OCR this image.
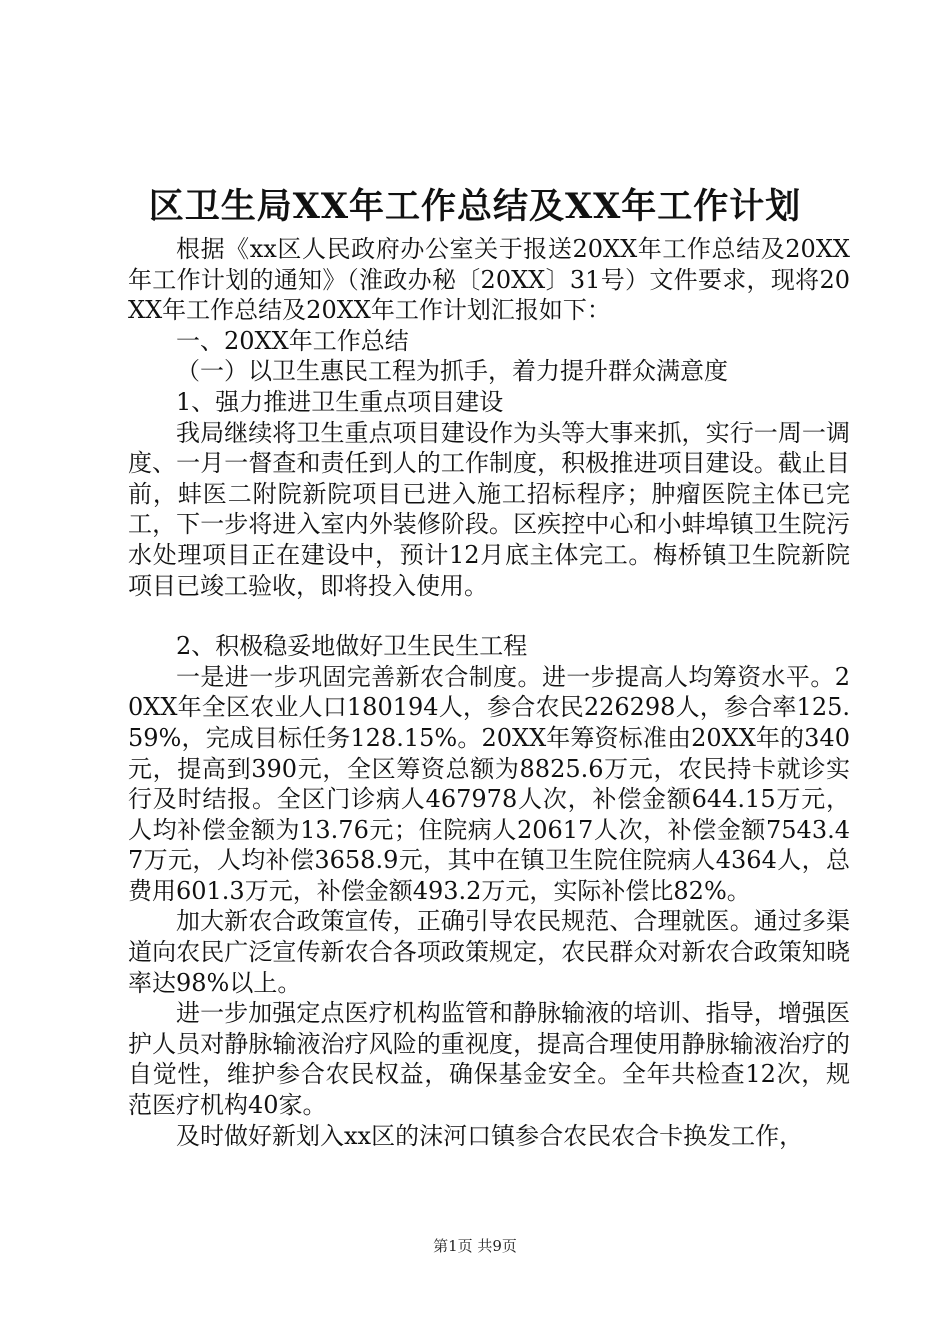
区卫生局XX年工作总结及XX年工作计划

根据《xx区人民政府办公室关于报送20XX年工作总结及20XX年工作计划的通知》（淮政办秘〔20XX〕31号）文件要求，现将20XX年工作总结及20XX年工作计划汇报如下：

一、20XX年工作总结

（一）以卫生惠民工程为抓手，着力提升群众满意度

1、强力推进卫生重点项目建设

我局继续将卫生重点项目建设作为头等大事来抓，实行一周一调度、一月一督查和责任到人的工作制度，积极推进项目建设。截止目前，蚌医二附院新院项目已进入施工招标程序；肿瘤医院主体已完工，下一步将进入室内外装修阶段。区疾控中心和小蚌埠镇卫生院污水处理项目正在建设中，预计12月底主体完工。梅桥镇卫生院新院项目已竣工验收，即将投入使用。

2、积极稳妥地做好卫生民生工程

一是进一步巩固完善新农合制度。进一步提高人均筹资水平。20XX年全区农业人口180194人，参合农民226298人，参合率125.59%，完成目标任务128.15%。20XX年筹资标准由20XX年的340元，提高到390元，全区筹资总额为8825.6万元，农民持卡就诊实行及时结报。全区门诊病人467978人次，补偿金额644.15万元，人均补偿金额为13.76元；住院病人20617人次，补偿金额7543.47万元，人均补偿3658.9元，其中在镇卫生院住院病人4364人，总费用601.3万元，补偿金额493.2万元，实际补偿比82%。

加大新农合政策宣传，正确引导农民规范、合理就医。通过多渠道向农民广泛宣传新农合各项政策规定，农民群众对新农合政策知晓率达98%以上。

进一步加强定点医疗机构监管和静脉输液的培训、指导，增强医护人员对静脉输液治疗风险的重视度，提高合理使用静脉输液治疗的自觉性，维护参合农民权益，确保基金安全。全年共检查12次，规范医疗机构40家。

及时做好新划入xx区的沫河口镇参合农民农合卡换发工作，

第1页 共9页
